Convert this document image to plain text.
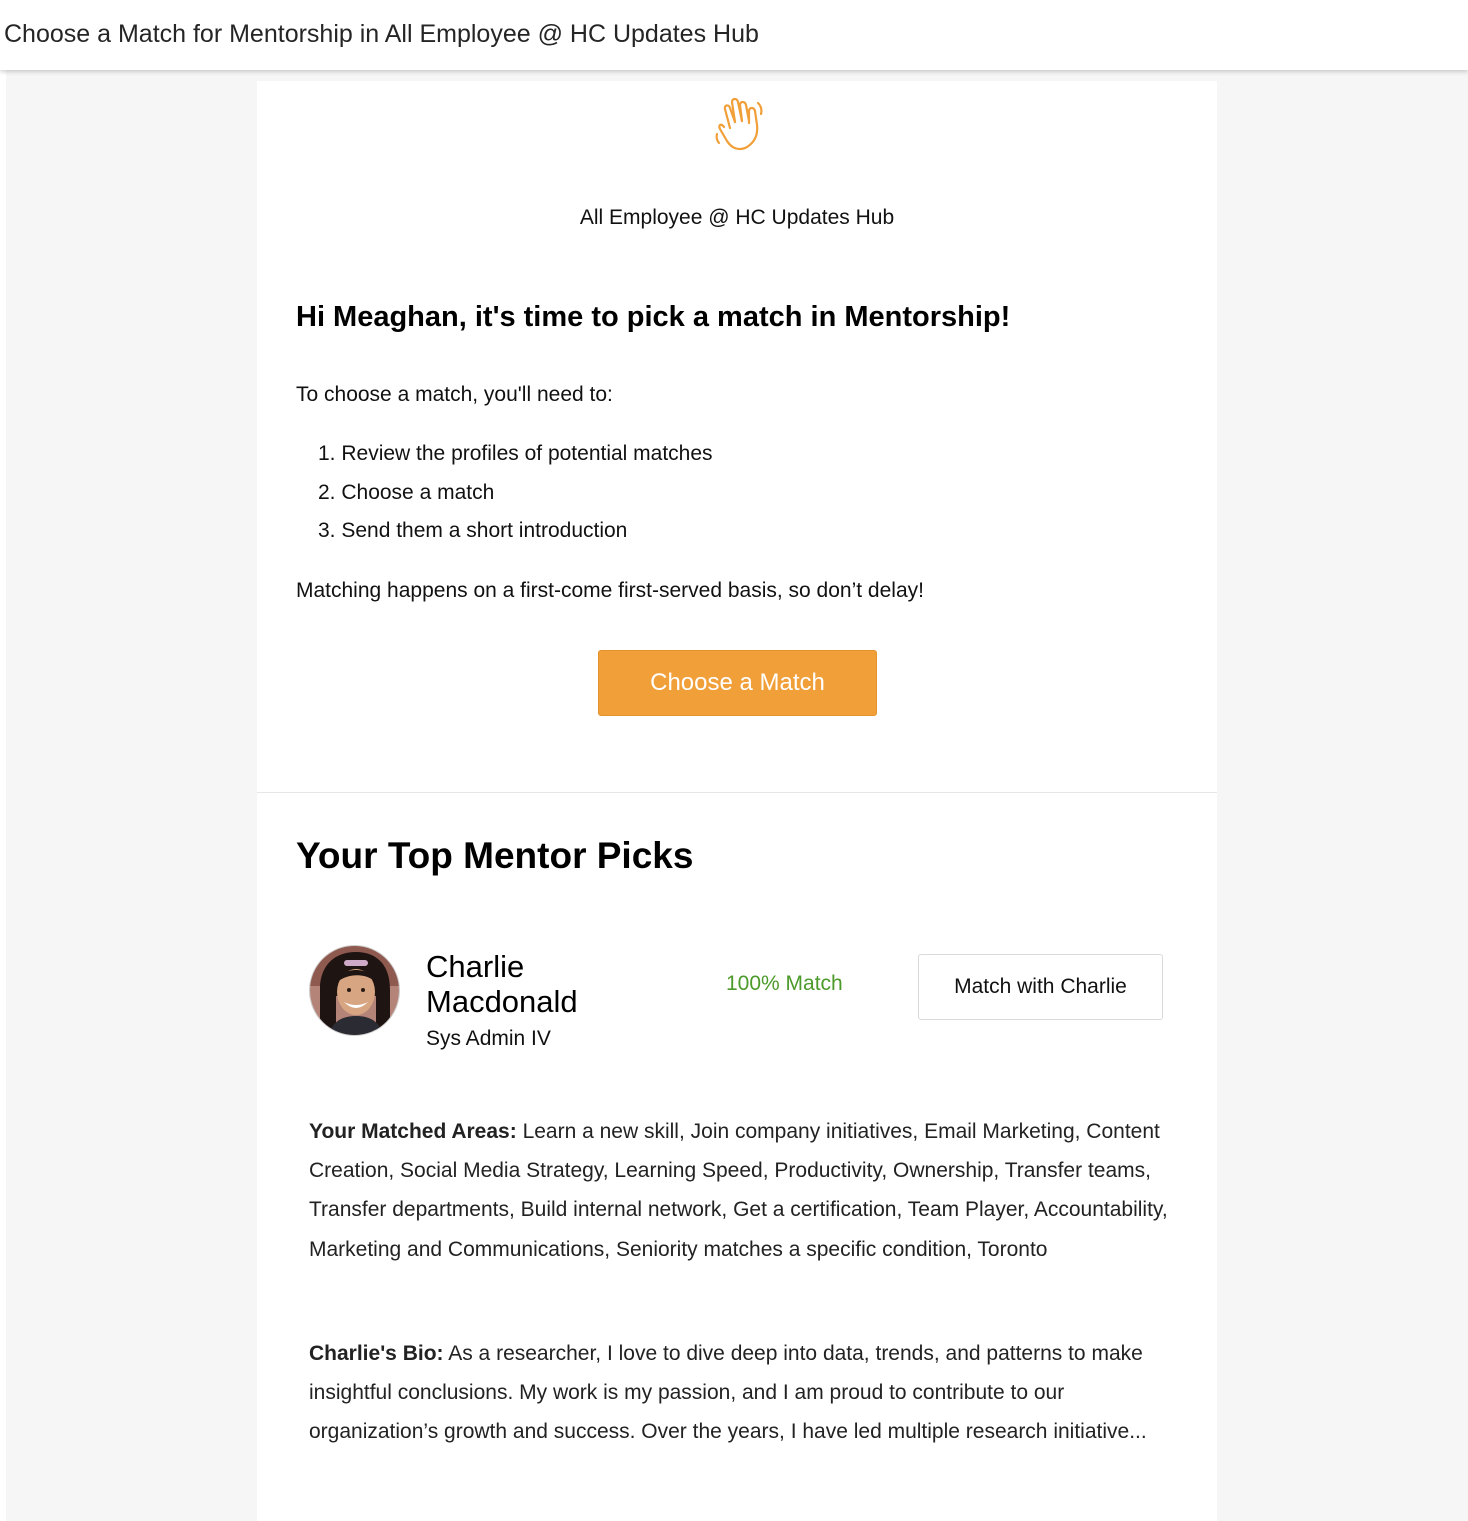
Choose a Match for Mentorship in All Employee @ HC Updates Hub
All Employee @ HC Updates Hub
Hi Meaghan, it's time to pick a match in Mentorship!

To choose a match, you'll need to:

1. Review the profiles of potential matches
2. Choose a match
3. Send them a short introduction

Matching happens on a first-come first-served basis, so don’t delay!

Choose a Match
Your Top Mentor Picks
Charlie Macdonald
Sys Admin IV
100% Match	Match with Charlie

Your Matched Areas: Learn a new skill, Join company initiatives, Email Marketing, Content Creation, Social Media Strategy, Learning Speed, Productivity, Ownership, Transfer teams, Transfer departments, Build internal network, Get a certification, Team Player, Accountability, Marketing and Communications, Seniority matches a specific condition, Toronto

Charlie's Bio: As a researcher, I love to dive deep into data, trends, and patterns to make insightful conclusions. My work is my passion, and I am proud to contribute to our organization’s growth and success. Over the years, I have led multiple research initiative...
